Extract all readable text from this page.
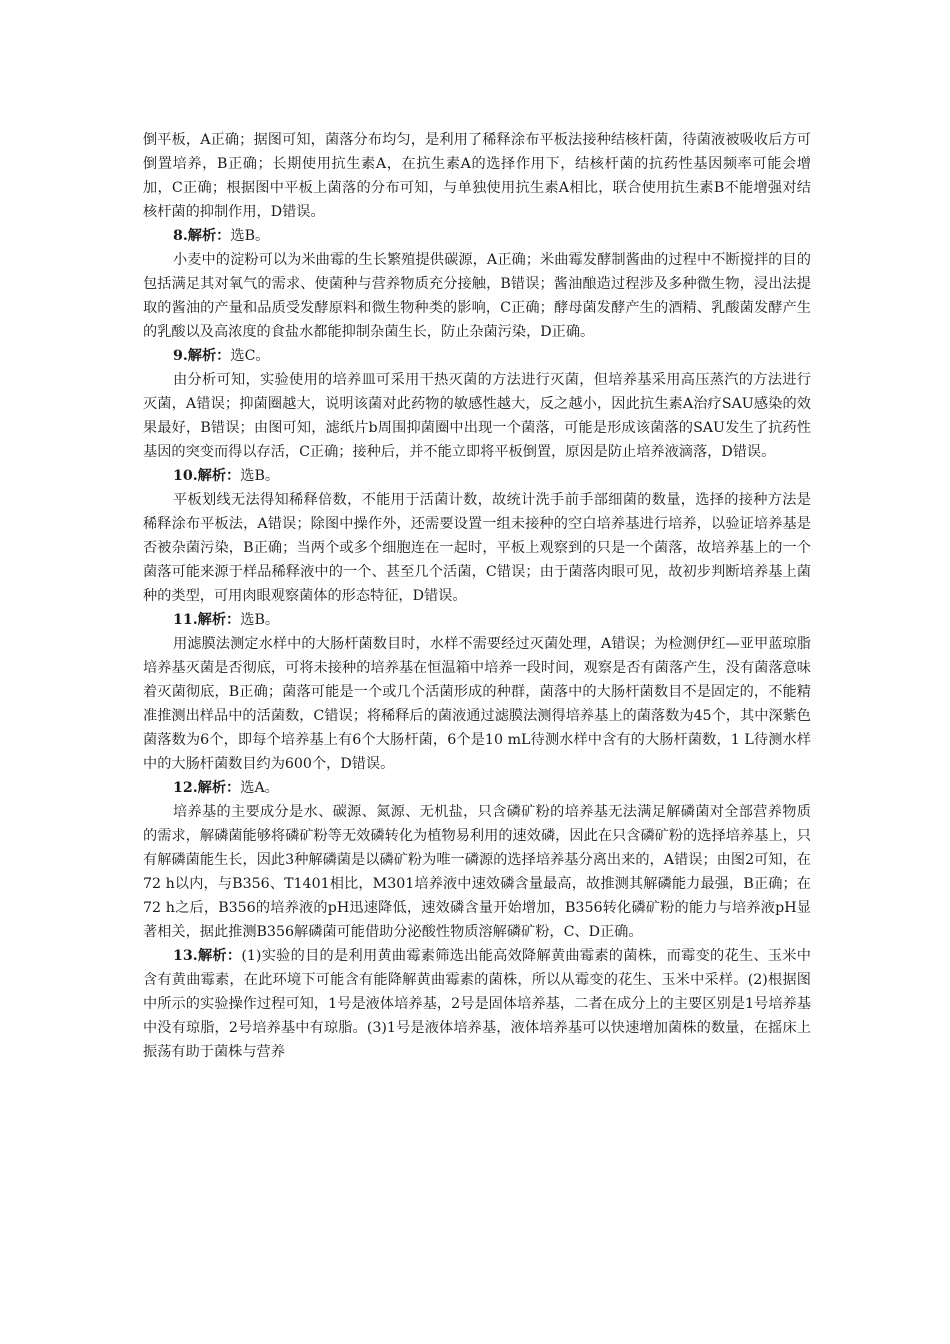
倒平板，A正确；据图可知，菌落分布均匀，是利用了稀释涂布平板法接种结核杆菌，待菌液被吸收后方可倒置培养，B正确；长期使用抗生素A，在抗生素A的选择作用下，结核杆菌的抗药性基因频率可能会增加，C正确；根据图中平板上菌落的分布可知，与单独使用抗生素A相比，联合使用抗生素B不能增强对结核杆菌的抑制作用，D错误。

8.解析：选B。

小麦中的淀粉可以为米曲霉的生长繁殖提供碳源，A正确；米曲霉发酵制酱曲的过程中不断搅拌的目的包括满足其对氧气的需求、使菌种与营养物质充分接触，B错误；酱油酿造过程涉及多种微生物，浸出法提取的酱油的产量和品质受发酵原料和微生物种类的影响，C正确；酵母菌发酵产生的酒精、乳酸菌发酵产生的乳酸以及高浓度的食盐水都能抑制杂菌生长，防止杂菌污染，D正确。

9.解析：选C。

由分析可知，实验使用的培养皿可采用干热灭菌的方法进行灭菌，但培养基采用高压蒸汽的方法进行灭菌，A错误；抑菌圈越大，说明该菌对此药物的敏感性越大，反之越小，因此抗生素A治疗SAU感染的效果最好，B错误；由图可知，滤纸片b周围抑菌圈中出现一个菌落，可能是形成该菌落的SAU发生了抗药性基因的突变而得以存活，C正确；接种后，并不能立即将平板倒置，原因是防止培养液滴落，D错误。

10.解析：选B。

平板划线无法得知稀释倍数，不能用于活菌计数，故统计洗手前手部细菌的数量，选择的接种方法是稀释涂布平板法，A错误；除图中操作外，还需要设置一组未接种的空白培养基进行培养，以验证培养基是否被杂菌污染，B正确；当两个或多个细胞连在一起时，平板上观察到的只是一个菌落，故培养基上的一个菌落可能来源于样品稀释液中的一个、甚至几个活菌，C错误；由于菌落肉眼可见，故初步判断培养基上菌种的类型，可用肉眼观察菌体的形态特征，D错误。

11.解析：选B。

用滤膜法测定水样中的大肠杆菌数目时，水样不需要经过灭菌处理，A错误；为检测伊红—亚甲蓝琼脂培养基灭菌是否彻底，可将未接种的培养基在恒温箱中培养一段时间，观察是否有菌落产生，没有菌落意味着灭菌彻底，B正确；菌落可能是一个或几个活菌形成的种群，菌落中的大肠杆菌数目不是固定的，不能精准推测出样品中的活菌数，C错误；将稀释后的菌液通过滤膜法测得培养基上的菌落数为45个，其中深紫色菌落数为6个，即每个培养基上有6个大肠杆菌，6个是10 mL待测水样中含有的大肠杆菌数，1 L待测水样中的大肠杆菌数目约为600个，D错误。

12.解析：选A。

培养基的主要成分是水、碳源、氮源、无机盐，只含磷矿粉的培养基无法满足解磷菌对全部营养物质的需求，解磷菌能够将磷矿粉等无效磷转化为植物易利用的速效磷，因此在只含磷矿粉的选择培养基上，只有解磷菌能生长，因此3种解磷菌是以磷矿粉为唯一磷源的选择培养基分离出来的，A错误；由图2可知，在72 h以内，与B356、T1401相比，M301培养液中速效磷含量最高，故推测其解磷能力最强，B正确；在72 h之后，B356的培养液的pH迅速降低，速效磷含量开始增加，B356转化磷矿粉的能力与培养液pH显著相关，据此推测B356解磷菌可能借助分泌酸性物质溶解磷矿粉，C、D正确。

13.解析：(1)实验的目的是利用黄曲霉素筛选出能高效降解黄曲霉素的菌株，而霉变的花生、玉米中含有黄曲霉素，在此环境下可能含有能降解黄曲霉素的菌株，所以从霉变的花生、玉米中采样。(2)根据图中所示的实验操作过程可知，1号是液体培养基，2号是固体培养基，二者在成分上的主要区别是1号培养基中没有琼脂，2号培养基中有琼脂。(3)1号是液体培养基，液体培养基可以快速增加菌株的数量，在摇床上振荡有助于菌株与营养
